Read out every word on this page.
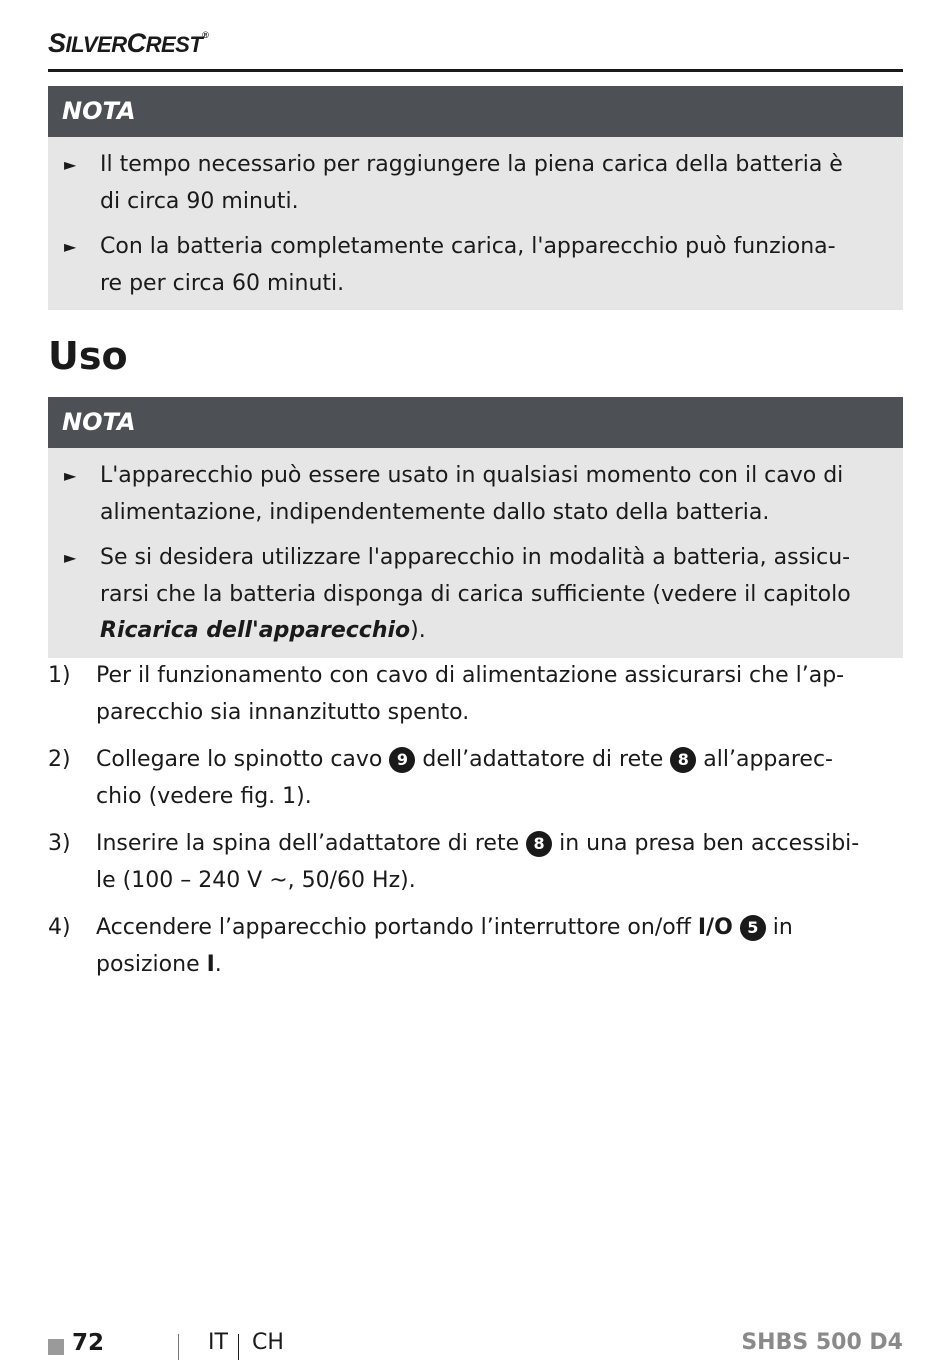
SILVERCREST®
NOTA
► Il tempo necessario per raggiungere la piena carica della batteria è
di circa 90 minuti.
► Con la batteria completamente carica, l'apparecchio può funziona-
re per circa 60 minuti.
Uso
NOTA
► L'apparecchio può essere usato in qualsiasi momento con il cavo di
alimentazione, indipendentemente dallo stato della batteria.
► Se si desidera utilizzare l'apparecchio in modalità a batteria, assicu-
rarsi che la batteria disponga di carica sufficiente (vedere il capitolo
Ricarica dell'apparecchio).
1) Per il funzionamento con cavo di alimentazione assicurarsi che l’ap-
parecchio sia innanzitutto spento.
2) Collegare lo spinotto cavo 9 dell’adattatore di rete 8 all’apparec-
chio (vedere fig. 1).
3) Inserire la spina dell’adattatore di rete 8 in una presa ben accessibi-
le (100 – 240 V ~, 50/60 Hz).
4) Accendere l’apparecchio portando l’interruttore on/off I/O 5 in
posizione I.
72	IT CH	SHBS 500 D4
